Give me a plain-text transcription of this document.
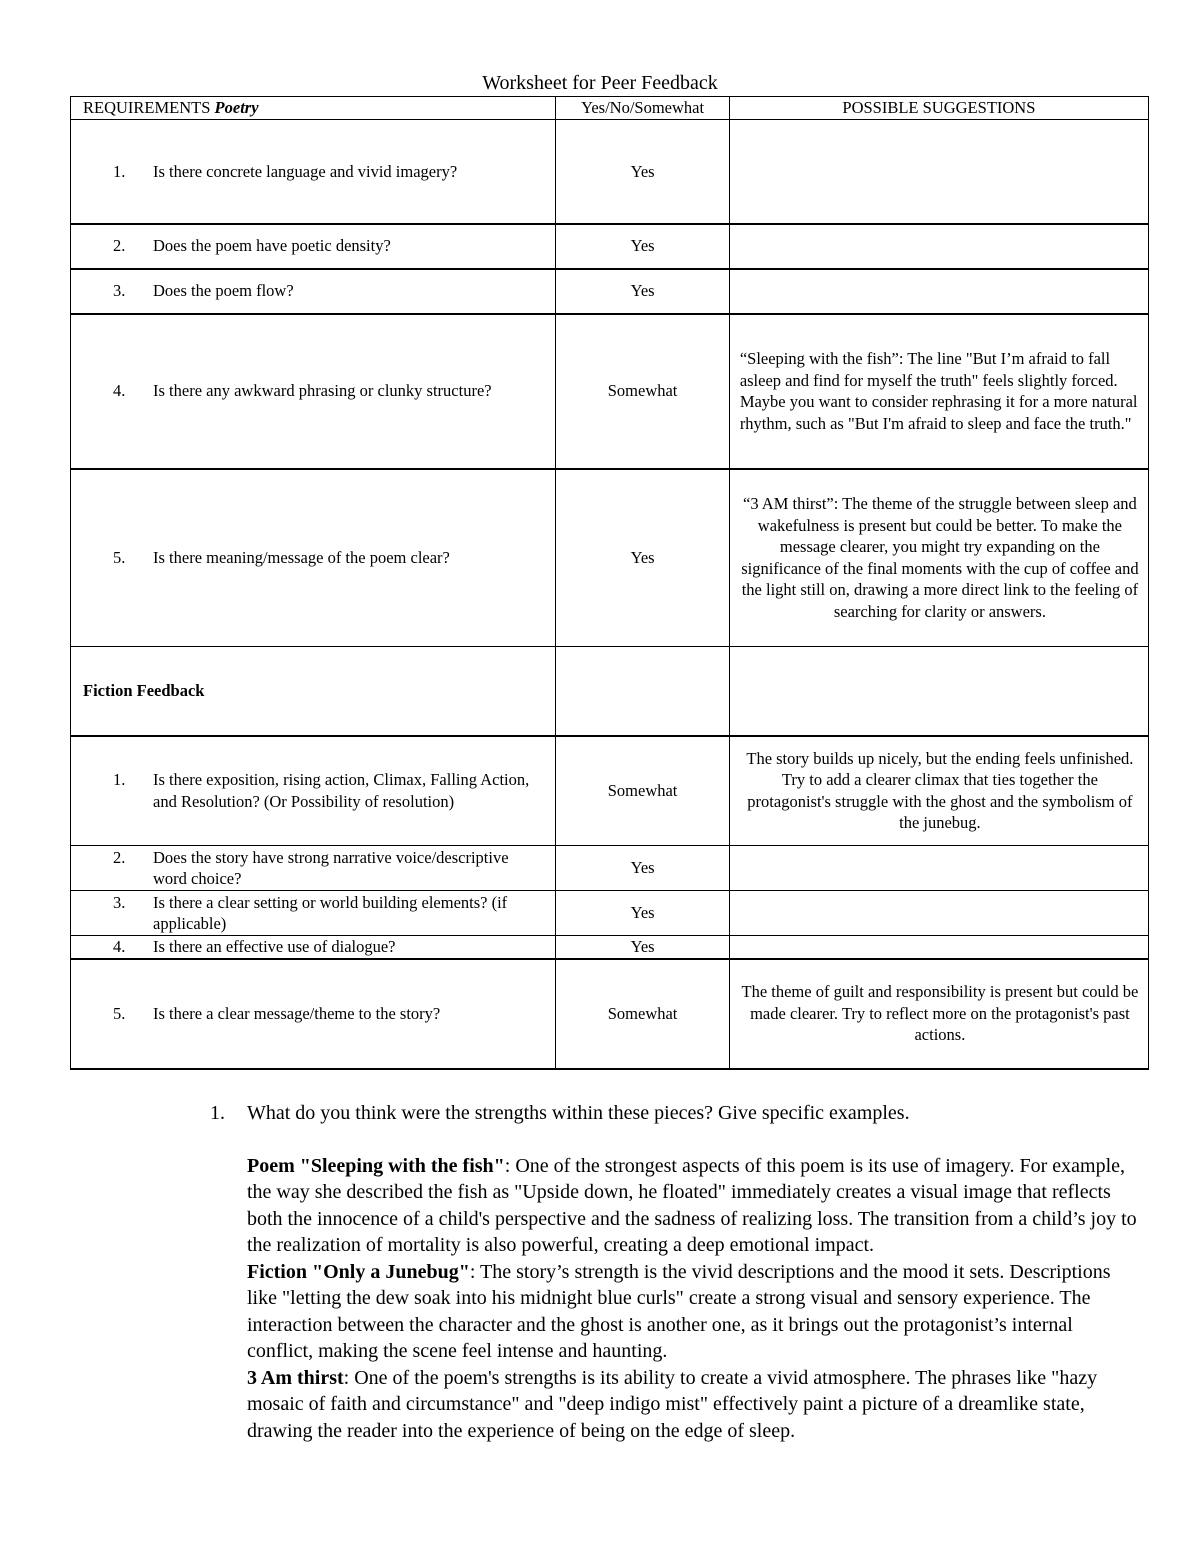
Worksheet for Peer Feedback
REQUIREMENTS Poetry	Yes/No/Somewhat	POSSIBLE SUGGESTIONS

1. Is there concrete language and vivid imagery?	Yes	

2. Does the poem have poetic density?	Yes	

3. Does the poem flow?	Yes	

4. Is there any awkward phrasing or clunky structure?	Somewhat	“Sleeping with the fish”: The line "But I’m afraid to fall asleep and find for myself the truth" feels slightly forced. Maybe you want to consider rephrasing it for a more natural rhythm, such as "But I'm afraid to sleep and face the truth."

5. Is there meaning/message of the poem clear?	Yes	“3 AM thirst”: The theme of the struggle between sleep and wakefulness is present but could be better. To make the message clearer, you might try expanding on the significance of the final moments with the cup of coffee and the light still on, drawing a more direct link to the feeling of searching for clarity or answers.
Fiction Feedback		

1. Is there exposition, rising action, Climax, Falling Action, and Resolution? (Or Possibility of resolution)	Somewhat	The story builds up nicely, but the ending feels unfinished. Try to add a clearer climax that ties together the protagonist's struggle with the ghost and the symbolism of the junebug.

2. Does the story have strong narrative voice/descriptive word choice?	Yes	

3. Is there a clear setting or world building elements? (if applicable)	Yes	

4. Is there an effective use of dialogue?	Yes	

5. Is there a clear message/theme to the story?	Somewhat	The theme of guilt and responsibility is present but could be made clearer. Try to reflect more on the protagonist's past actions.
1.	What do you think were the strengths within these pieces? Give specific examples.
Poem "Sleeping with the fish": One of the strongest aspects of this poem is its use of imagery. For example, the way she described the fish as "Upside down, he floated" immediately creates a visual image that reflects both the innocence of a child's perspective and the sadness of realizing loss. The transition from a child’s joy to the realization of mortality is also powerful, creating a deep emotional impact.
Fiction "Only a Junebug": The story’s strength is the vivid descriptions and the mood it sets. Descriptions like "letting the dew soak into his midnight blue curls" create a strong visual and sensory experience. The interaction between the character and the ghost is another one, as it brings out the protagonist’s internal conflict, making the scene feel intense and haunting.
3 Am thirst: One of the poem's strengths is its ability to create a vivid atmosphere. The phrases like "hazy mosaic of faith and circumstance" and "deep indigo mist" effectively paint a picture of a dreamlike state, drawing the reader into the experience of being on the edge of sleep.
